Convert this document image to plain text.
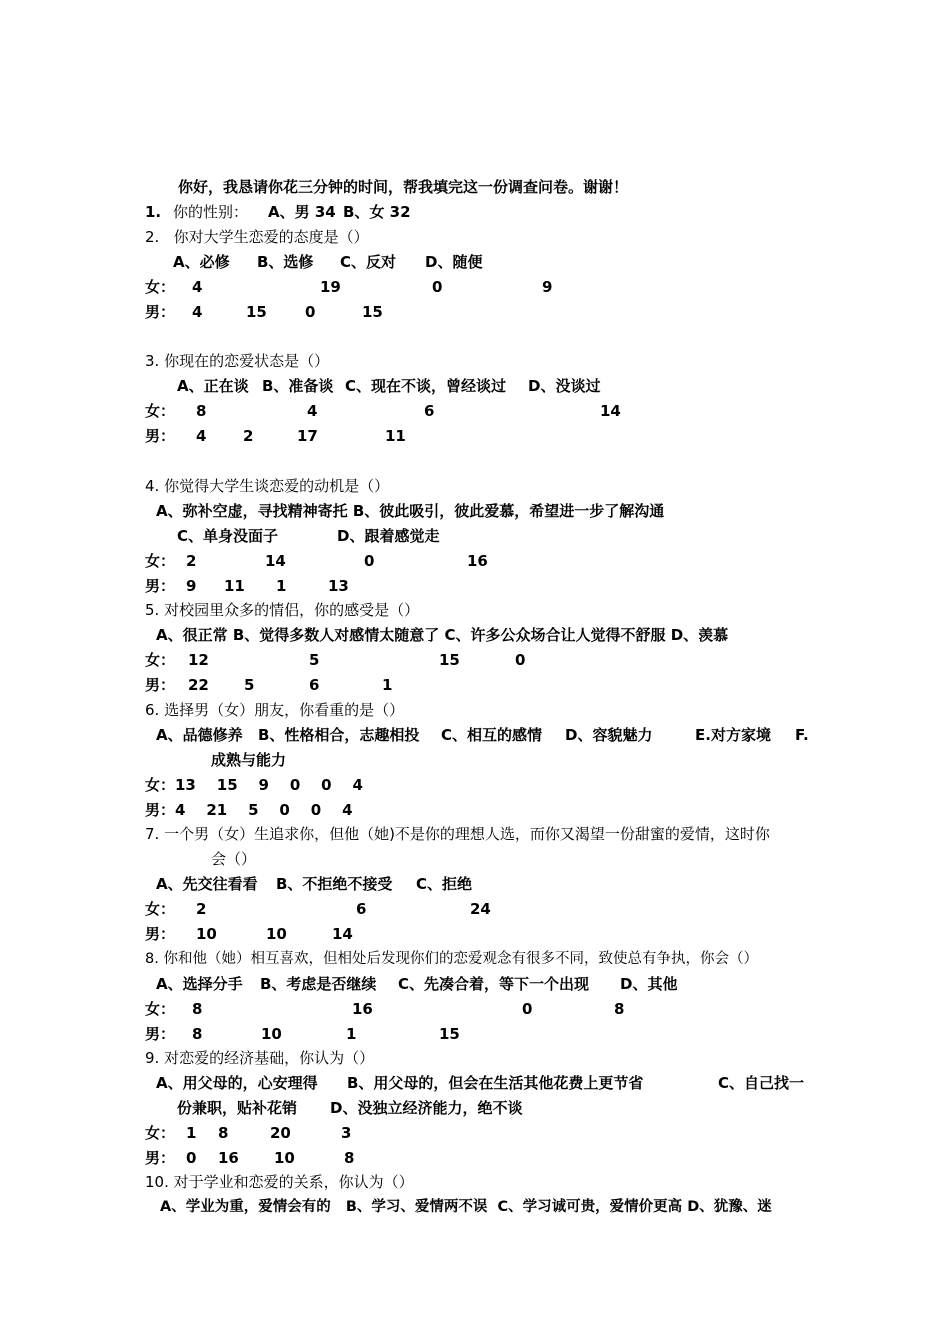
你好，我恳请你花三分钟的时间，帮我填完这一份调查问卷。谢谢！
1. 你的性别： A、男 34 B、女 32
2.   你对大学生恋爱的态度是（）
A、必修 B、选修 C、反对 D、随便
女： 4	19	0	9
男： 4	15	0	15
3. 你现在的恋爱状态是（）
A、正在谈 B、准备谈 C、现在不谈，曾经谈过 D、没谈过
女： 8	4	6	14
男： 4 2	17	11
4. 你觉得大学生谈恋爱的动机是（）
A、弥补空虚，寻找精神寄托 B、彼此吸引，彼此爱慕，希望进一步了解沟通
C、单身没面子	D、跟着感觉走
女： 2	14	0	16
男： 9 11 1	13
5. 对校园里众多的情侣，你的感受是（）
A、很正常 B、觉得多数人对感情太随意了 C、许多公众场合让人觉得不舒服 D、羡慕
女： 12	5	15	0
男： 22 5	6	1
6. 选择男（女）朋友，你看重的是（）
A、品德修养 B、性格相合，志趣相投 C、相互的感情 D、容貌魅力	E.对方家境 F.
成熟与能力
女：13    15    9    0    0    4
男：4    21    5    0    0    4
7. 一个男（女）生追求你，但他（她)不是你的理想人选，而你又渴望一份甜蜜的爱情，这时你
会（）
A、先交往看看 B、不拒绝不接受 C、拒绝
女： 2	6	24
男： 10	10	14
8. 你和他（她）相互喜欢，但相处后发现你们的恋爱观念有很多不同，致使总有争执，你会（）
A、选择分手 B、考虑是否继续 C、先凑合着，等下一个出现 D、其他
女： 8	16	0	8
男： 8	10	1	15
9. 对恋爱的经济基础，你认为（）
A、用父母的，心安理得 B、用父母的，但会在生活其他花费上更节省	C、自己找一
份兼职，贴补花销 D、没独立经济能力，绝不谈
女： 1 8	20	3
男： 0 16 10	8
10. 对于学业和恋爱的关系，你认为（）
A、学业为重，爱情会有的   B、学习、爱情两不误  C、学习诚可贵，爱情价更高 D、犹豫、迷
